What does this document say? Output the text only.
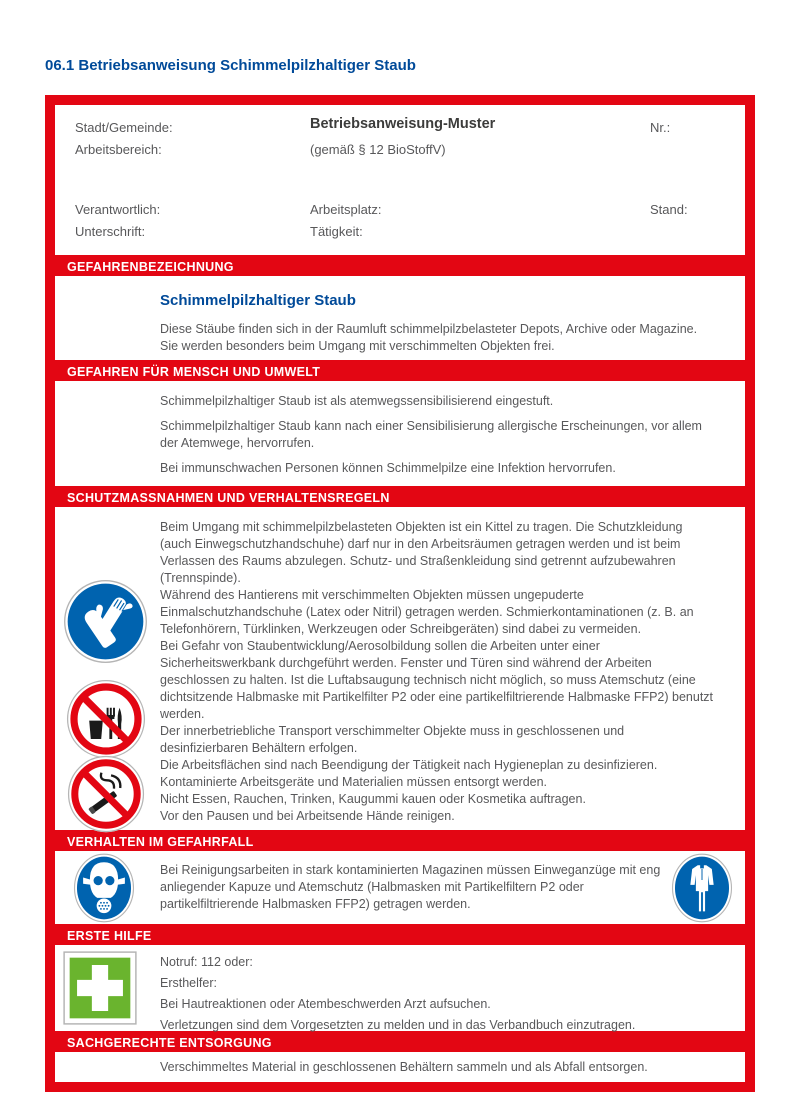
06.1 Betriebsanweisung Schimmelpilzhaltiger Staub
Stadt/Gemeinde:
Arbeitsbereich:
Betriebsanweisung-Muster
(gemäß § 12 BioStoffV)
Nr.:
Verantwortlich:
Unterschrift:
Arbeitsplatz:
Tätigkeit:
Stand:
GEFAHRENBEZEICHNUNG
Schimmelpilzhaltiger Staub

Diese Stäube finden sich in der Raumluft schimmelpilzbelasteter Depots, Archive oder Magazine.

Sie werden besonders beim Umgang mit verschimmelten Objekten frei.

GEFAHREN FÜR MENSCH UND UMWELT

Schimmelpilzhaltiger Staub ist als atemwegssensibilisierend eingestuft.

Schimmelpilzhaltiger Staub kann nach einer Sensibilisierung allergische Erscheinungen, vor allem der Atemwege, hervorrufen.

Bei immunschwachen Personen können Schimmelpilze eine Infektion hervorrufen.

SCHUTZMASSNAHMEN UND VERHALTENSREGELN

Beim Umgang mit schimmelpilzbelasteten Objekten ist ein Kittel zu tragen. Die Schutzkleidung (auch Einwegschutzhandschuhe) darf nur in den Arbeitsräumen getragen werden und ist beim Verlassen des Raums abzulegen. Schutz- und Straßenkleidung sind getrennt aufzubewahren (Trennspinde).

Während des Hantierens mit verschimmelten Objekten müssen ungepuderte Einmalschutzhandschuhe (Latex oder Nitril) getragen werden. Schmierkontaminationen (z. B. an Telefonhörern, Türklinken, Werkzeugen oder Schreibgeräten) sind dabei zu vermeiden.

Bei Gefahr von Staubentwicklung/Aerosolbildung sollen die Arbeiten unter einer Sicherheitswerkbank durchgeführt werden. Fenster und Türen sind während der Arbeiten geschlossen zu halten. Ist die Luftabsaugung technisch nicht möglich, so muss Atemschutz (eine dichtsitzende Halbmaske mit Partikelfilter P2 oder eine partikelfiltrierende Halbmaske FFP2) benutzt werden.

Der innerbetriebliche Transport verschimmelter Objekte muss in geschlossenen und desinfizierbaren Behältern erfolgen.

Die Arbeitsflächen sind nach Beendigung der Tätigkeit nach Hygieneplan zu desinfizieren.

Kontaminierte Arbeitsgeräte und Materialien müssen entsorgt werden.

Nicht Essen, Rauchen, Trinken, Kaugummi kauen oder Kosmetika auftragen.

Vor den Pausen und bei Arbeitsende Hände reinigen.

VERHALTEN IM GEFAHRFALL

Bei Reinigungsarbeiten in stark kontaminierten Magazinen müssen Einweganzüge mit eng anliegender Kapuze und Atemschutz (Halbmasken mit Partikelfiltern P2 oder partikelfiltrierende Halbmasken FFP2) getragen werden.

ERSTE HILFE

Notruf: 112 oder:

Ersthelfer:

Bei Hautreaktionen oder Atembeschwerden Arzt aufsuchen.

Verletzungen sind dem Vorgesetzten zu melden und in das Verbandbuch einzutragen.

SACHGERECHTE ENTSORGUNG

Verschimmeltes Material in geschlossenen Behältern sammeln und als Abfall entsorgen.
